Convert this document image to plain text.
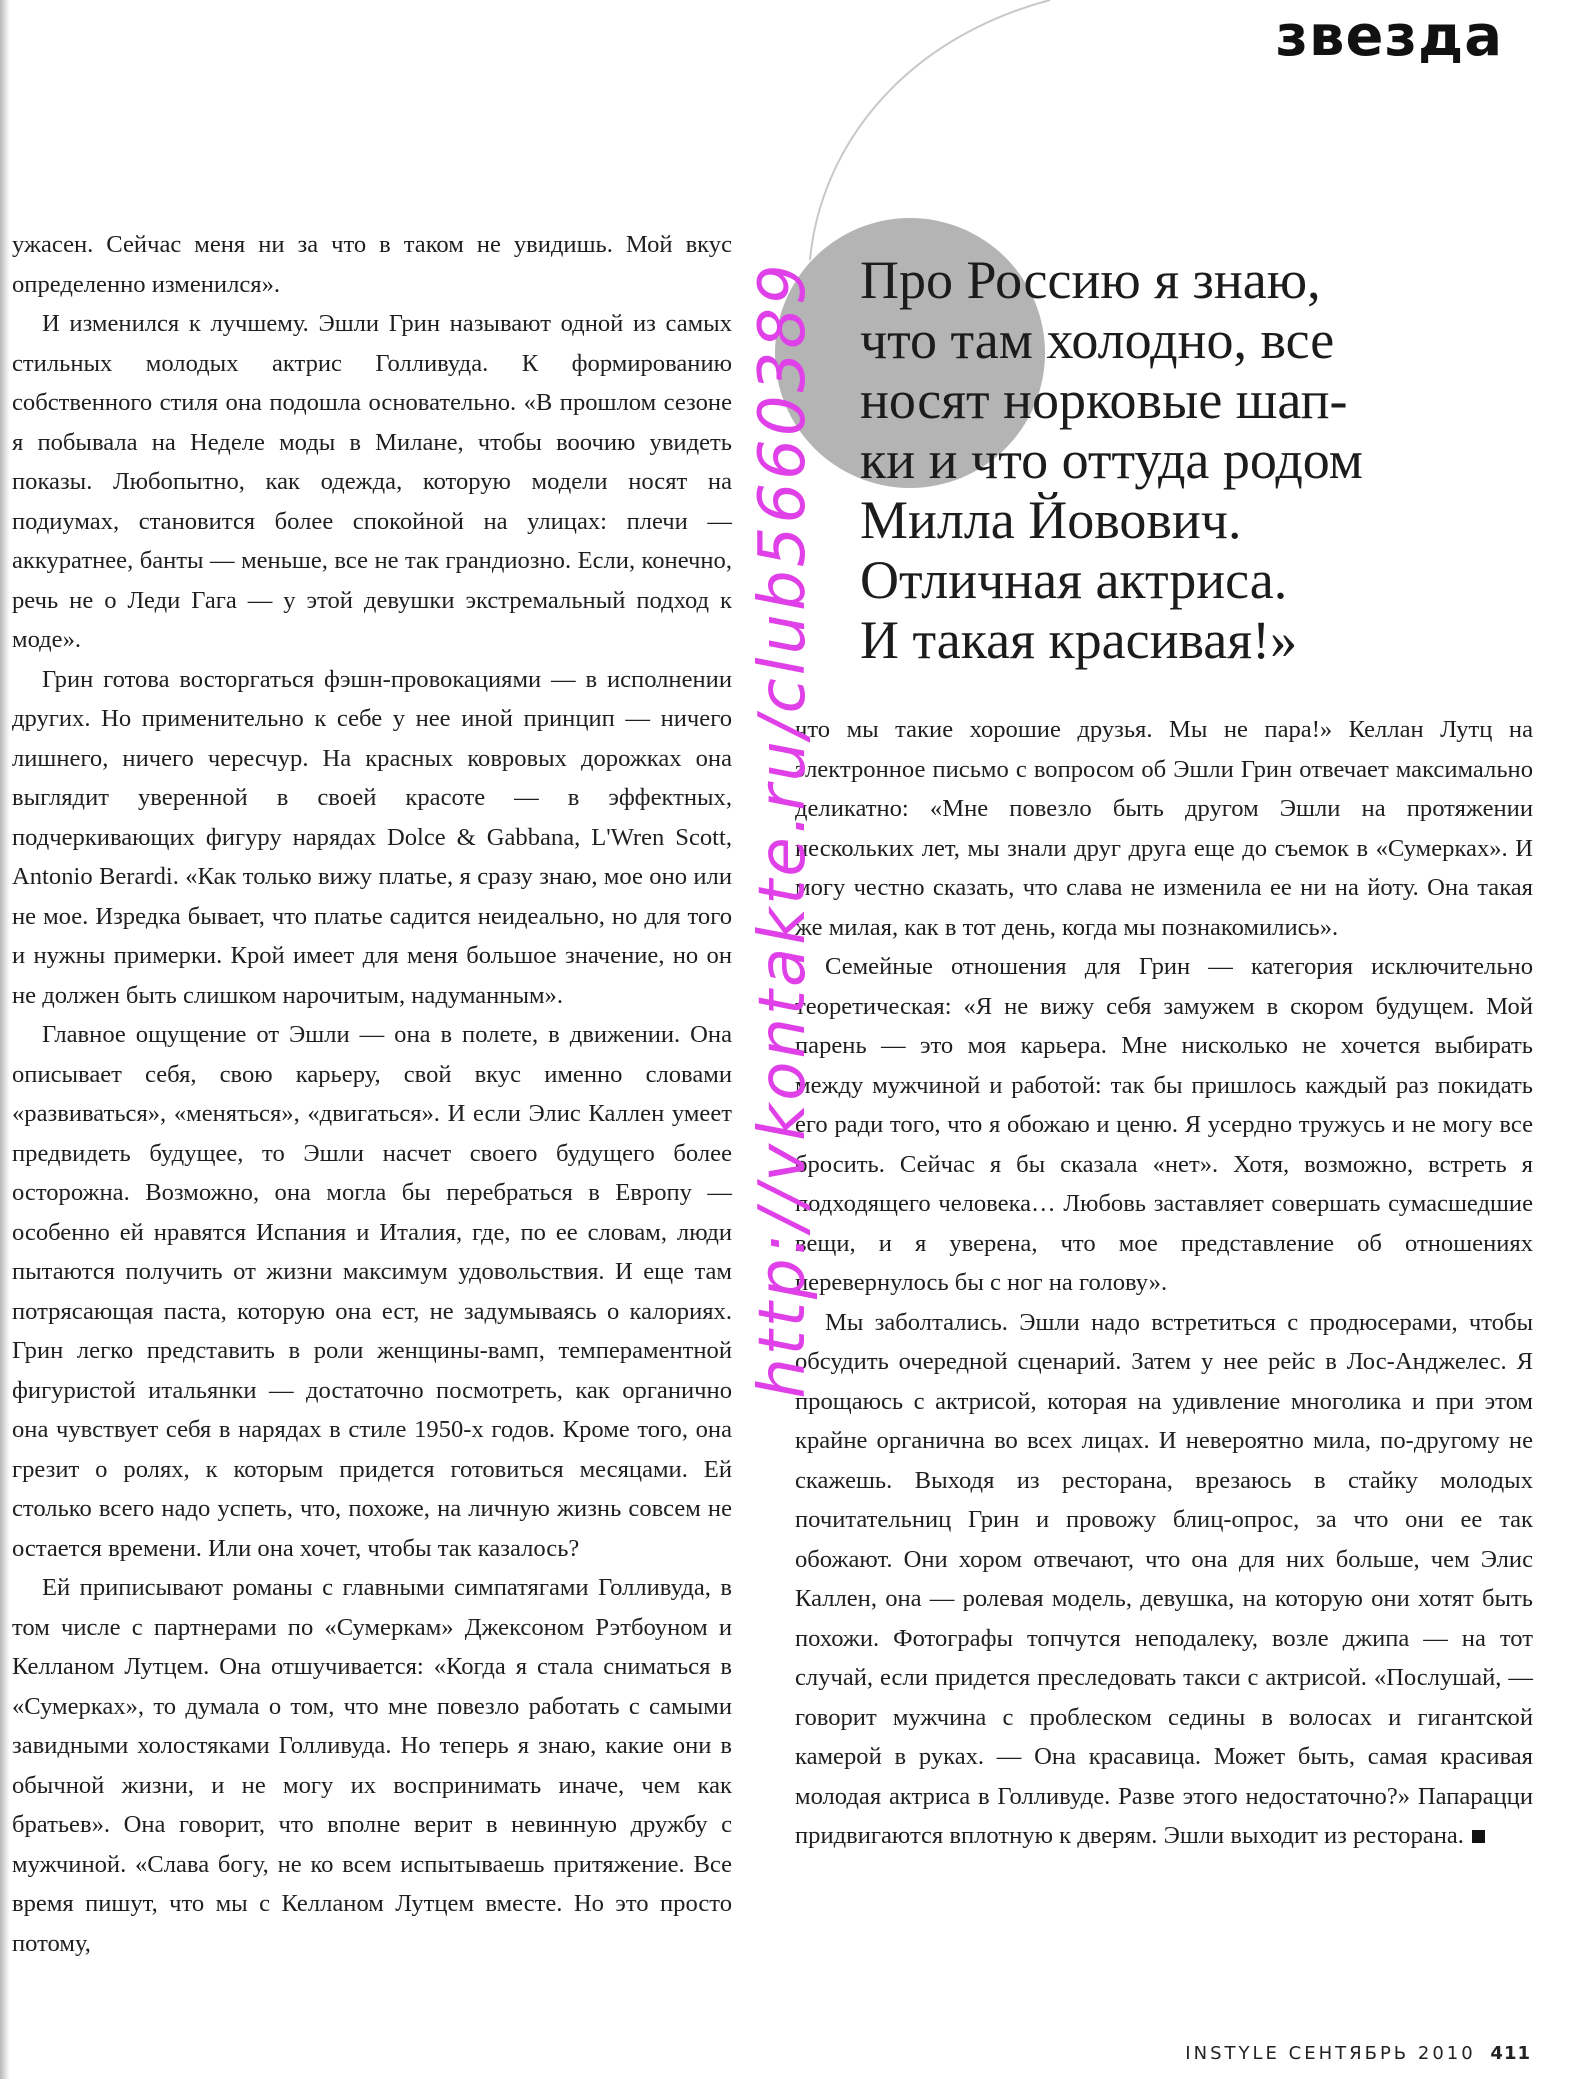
звезда

Про Россию я знаю,

что там холодно, все

носят норковые шап-

ки и что оттуда родом

Милла Йовович.

Отличная актриса.

И такая красивая!»

ужасен. Сейчас меня ни за что в таком не увидишь. Мой вкус определенно изменился».

И изменился к лучшему. Эшли Грин называют одной из самых стильных молодых актрис Голливуда. К формированию собственного стиля она подошла основательно. «В прошлом сезоне я побывала на Неделе моды в Милане, чтобы воочию увидеть показы. Любопытно, как одежда, которую модели носят на подиумах, становится более спокойной на улицах: плечи — аккуратнее, банты — меньше, все не так грандиозно. Если, конечно, речь не о Леди Гага — у этой девушки экстремальный подход к моде».

Грин готова восторгаться фэшн-провокациями — в исполнении других. Но применительно к себе у нее иной принцип — ничего лишнего, ничего чересчур. На красных ковровых дорожках она выглядит уверенной в своей красоте — в эффектных, подчеркивающих фигуру нарядах Dolce & Gabbana, L'Wren Scott, Antonio Berardi. «Как только вижу платье, я сразу знаю, мое оно или не мое. Изредка бывает, что платье садится неидеально, но для того и нужны примерки. Крой имеет для меня большое значение, но он не должен быть слишком нарочитым, надуманным».

Главное ощущение от Эшли — она в полете, в движении. Она описывает себя, свою карьеру, свой вкус именно словами «развиваться», «меняться», «двигаться». И если Элис Каллен умеет предвидеть будущее, то Эшли насчет своего будущего более осторожна. Возможно, она могла бы перебраться в Европу — особенно ей нравятся Испания и Италия, где, по ее словам, люди пытаются получить от жизни максимум удовольствия. И еще там потрясающая паста, которую она ест, не задумываясь о калориях. Грин легко представить в роли женщины-вамп, темпераментной фигуристой итальянки — достаточно посмотреть, как органично она чувствует себя в нарядах в стиле 1950-х годов. Кроме того, она грезит о ролях, к которым придется готовиться месяцами. Ей столько всего надо успеть, что, похоже, на личную жизнь совсем не остается времени. Или она хочет, чтобы так казалось?

Ей приписывают романы с главными симпатягами Голливуда, в том числе с партнерами по «Сумеркам» Джексоном Рэтбоуном и Келланом Лутцем. Она отшучивается: «Когда я стала сниматься в «Сумерках», то думала о том, что мне повезло работать с самыми завидными холостяками Голливуда. Но теперь я знаю, какие они в обычной жизни, и не могу их воспринимать иначе, чем как братьев». Она говорит, что вполне верит в невинную дружбу с мужчиной. «Слава богу, не ко всем испытываешь притяжение. Все время пишут, что мы с Келланом Лутцем вместе. Но это просто потому,

что мы такие хорошие друзья. Мы не пара!» Келлан Лутц на электронное письмо с вопросом об Эшли Грин отвечает максимально деликатно: «Мне повезло быть другом Эшли на протяжении нескольких лет, мы знали друг друга еще до съемок в «Сумерках». И могу честно сказать, что слава не изменила ее ни на йоту. Она такая же милая, как в тот день, когда мы познакомились».

Семейные отношения для Грин — категория исключительно теоретическая: «Я не вижу себя замужем в скором будущем. Мой парень — это моя карьера. Мне нисколько не хочется выбирать между мужчиной и работой: так бы пришлось каждый раз покидать его ради того, что я обожаю и ценю. Я усердно тружусь и не могу все бросить. Сейчас я бы сказала «нет». Хотя, возможно, встреть я подходящего человека… Любовь заставляет совершать сумасшедшие вещи, и я уверена, что мое представление об отношениях перевернулось бы с ног на голову».

Мы заболтались. Эшли надо встретиться с продюсерами, чтобы обсудить очередной сценарий. Затем у нее рейс в Лос-Анджелес. Я прощаюсь с актрисой, которая на удивление многолика и при этом крайне органична во всех лицах. И невероятно мила, по-другому не скажешь. Выходя из ресторана, врезаюсь в стайку молодых почитательниц Грин и провожу блиц-опрос, за что они ее так обожают. Они хором отвечают, что она для них больше, чем Элис Каллен, она — ролевая модель, девушка, на которую они хотят быть похожи. Фотографы топчутся неподалеку, возле джипа — на тот случай, если придется преследовать такси с актрисой. «Послушай, — говорит мужчина с проблеском седины в волосах и гигантской камерой в руках. — Она красавица. Может быть, самая красивая молодая актриса в Голливуде. Разве этого недостаточно?» Папарацци придвигаются вплотную к дверям. Эшли выходит из ресторана.

http://vkontakte.ru/club5660389
INSTYLE СЕНТЯБРЬ 2010 411
